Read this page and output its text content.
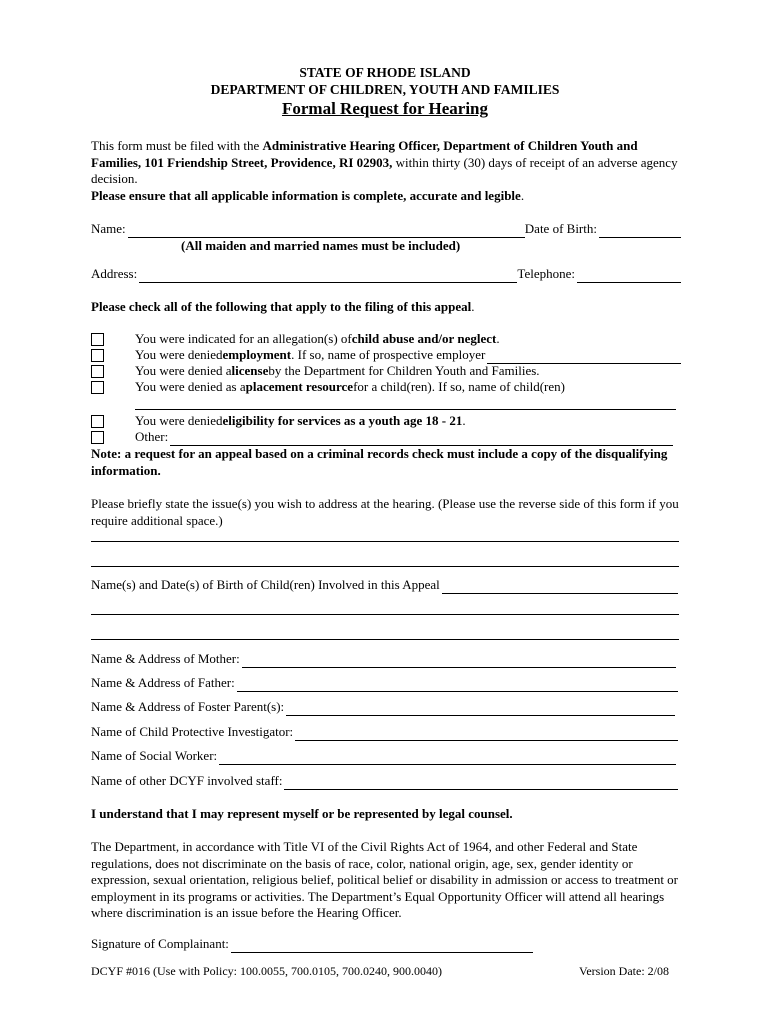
STATE OF RHODE ISLAND
DEPARTMENT OF CHILDREN, YOUTH AND FAMILIES
Formal Request for Hearing
This form must be filed with the Administrative Hearing Officer, Department of Children Youth and Families, 101 Friendship Street, Providence, RI 02903, within thirty (30) days of receipt of an adverse agency decision.
Please ensure that all applicable information is complete, accurate and legible.
Name:	Date of Birth:
(All maiden and married names must be included)
Address:	Telephone:
Please check all of the following that apply to the filing of this appeal.
You were indicated for an allegation(s) of child abuse and/or neglect .
You were denied employment . If so, name of prospective employer
You were denied a license by the Department for Children Youth and Families.
You were denied as a placement resource for a child(ren). If so, name of child(ren)
You were denied eligibility for services as a youth age 18 - 21 .
Other:
Note: a request for an appeal based on a criminal records check must include a copy of the disqualifying information.
Please briefly state the issue(s) you wish to address at the hearing. (Please use the reverse side of this form if you require additional space.)
Name(s) and Date(s) of Birth of Child(ren) Involved in this Appeal
Name & Address of Mother:
Name & Address of Father:
Name & Address of Foster Parent(s):
Name of Child Protective Investigator:
Name of Social Worker:
Name of other DCYF involved staff:
I understand that I may represent myself or be represented by legal counsel.
The Department, in accordance with Title VI of the Civil Rights Act of 1964, and other Federal and State regulations, does not discriminate on the basis of race, color, national origin, age, sex, gender identity or expression, sexual orientation, religious belief, political belief or disability in admission or access to treatment or employment in its programs or activities. The Department’s Equal Opportunity Officer will attend all hearings where discrimination is an issue before the Hearing Officer.
Signature of Complainant:
DCYF #016 (Use with Policy: 100.0055, 700.0105, 700.0240, 900.0040)	Version Date: 2/08
